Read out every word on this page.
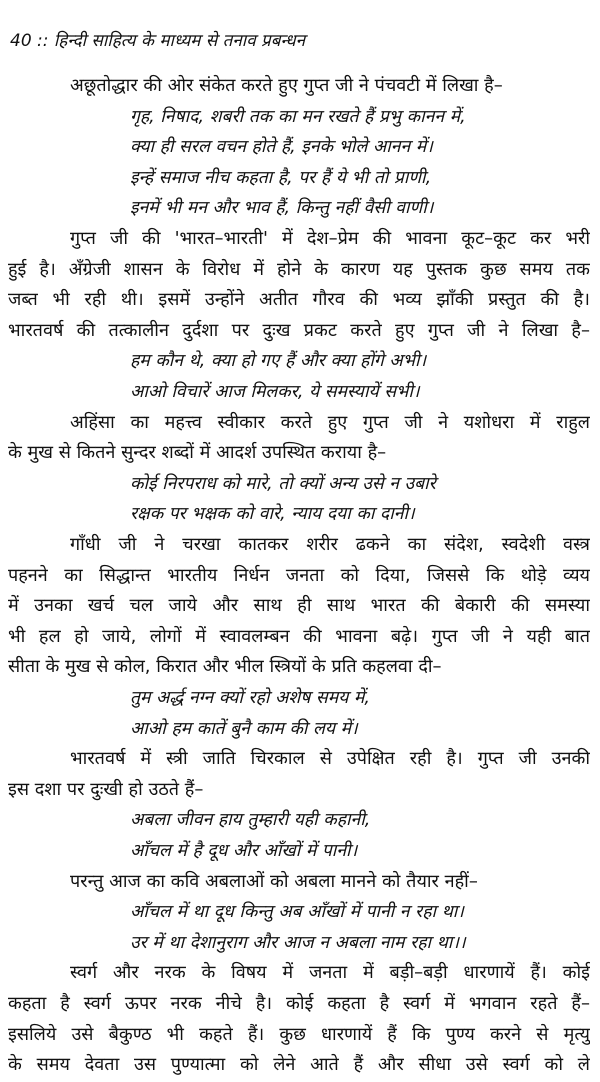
40 :: हिन्दी साहित्य के माध्यम से तनाव प्रबन्धन
अछूतोद्धार की ओर संकेत करते हुए गुप्त जी ने पंचवटी में लिखा है–
गृह, निषाद, शबरी तक का मन रखते हैं प्रभु कानन में,
क्या ही सरल वचन होते हैं, इनके भोले आनन में।
इन्हें समाज नीच कहता है, पर हैं ये भी तो प्राणी,
इनमें भी मन और भाव हैं, किन्तु नहीं वैसी वाणी।
गुप्त जी की 'भारत–भारती' में देश–प्रेम की भावना कूट–कूट कर भरी
हुई है। अँग्रेजी शासन के विरोध में होने के कारण यह पुस्तक कुछ समय तक
जब्त भी रही थी। इसमें उन्होंने अतीत गौरव की भव्य झाँकी प्रस्तुत की है।
भारतवर्ष की तत्कालीन दुर्दशा पर दुःख प्रकट करते हुए गुप्त जी ने लिखा है–
हम कौन थे, क्या हो गए हैं और क्या होंगे अभी।
आओ विचारें आज मिलकर, ये समस्यायें सभी।
अहिंसा का महत्त्व स्वीकार करते हुए गुप्त जी ने यशोधरा में राहुल
के मुख से कितने सुन्दर शब्दों में आदर्श उपस्थित कराया है–
कोई निरपराध को मारे, तो क्यों अन्य उसे न उबारे
रक्षक पर भक्षक को वारे, न्याय दया का दानी।
गाँधी जी ने चरखा कातकर शरीर ढकने का संदेश, स्वदेशी वस्त्र
पहनने का सिद्धान्त भारतीय निर्धन जनता को दिया, जिससे कि थोड़े व्यय
में उनका खर्च चल जाये और साथ ही साथ भारत की बेकारी की समस्या
भी हल हो जाये, लोगों में स्वावलम्बन की भावना बढ़े। गुप्त जी ने यही बात
सीता के मुख से कोल, किरात और भील स्त्रियों के प्रति कहलवा दी–
तुम अर्द्ध नग्न क्यों रहो अशेष समय में,
आओ हम कातें बुनै काम की लय में।
भारतवर्ष में स्त्री जाति चिरकाल से उपेक्षित रही है। गुप्त जी उनकी
इस दशा पर दुःखी हो उठते हैं–
अबला जीवन हाय तुम्हारी यही कहानी,
आँचल में है दूध और आँखों में पानी।
परन्तु आज का कवि अबलाओं को अबला मानने को तैयार नहीं–
आँचल में था दूध किन्तु अब आँखों में पानी न रहा था।
उर में था देशानुराग और आज न अबला नाम रहा था।।
स्वर्ग और नरक के विषय में जनता में बड़ी–बड़ी धारणायें हैं। कोई
कहता है स्वर्ग ऊपर नरक नीचे है। कोई कहता है स्वर्ग में भगवान रहते हैं–
इसलिये उसे बैकुण्ठ भी कहते हैं। कुछ धारणायें हैं कि पुण्य करने से मृत्यु
के समय देवता उस पुण्यात्मा को लेने आते हैं और सीधा उसे स्वर्ग को ले
